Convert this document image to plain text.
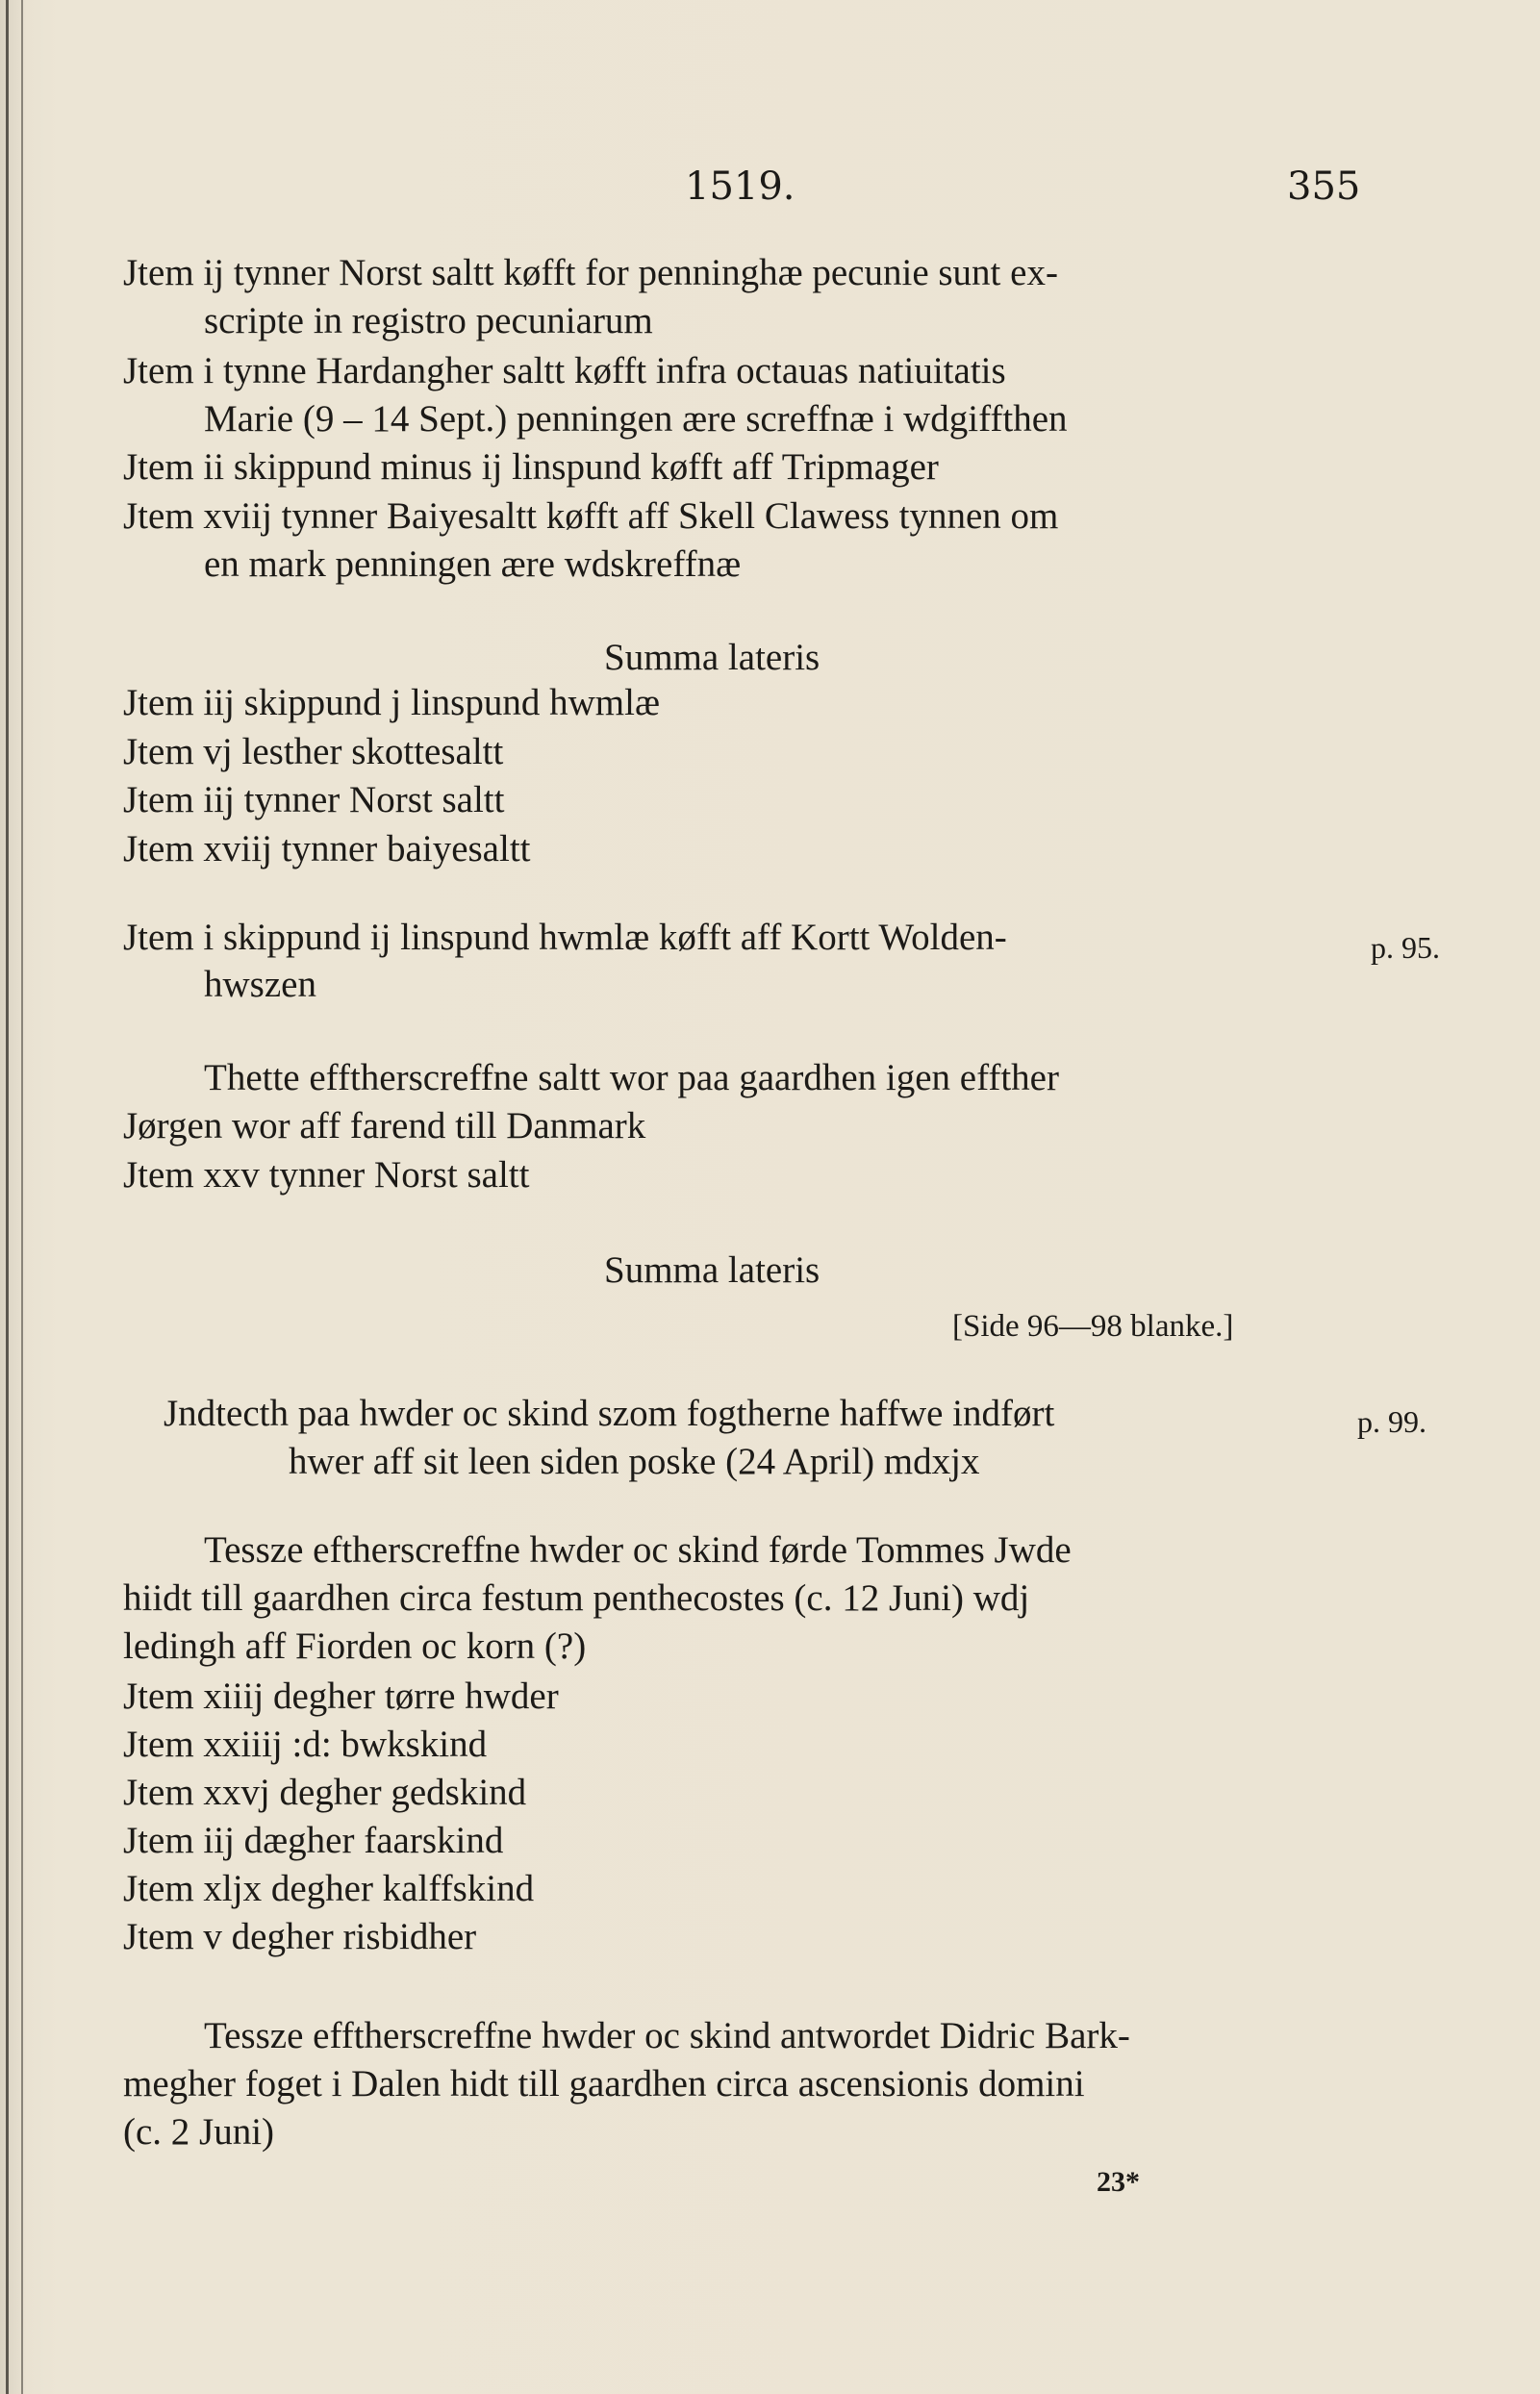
1519.	355
Jtem ij tynner Norst saltt køfft for penninghæ pecunie sunt ex-
scripte in registro pecuniarum
Jtem i tynne Hardangher saltt køfft infra octauas natiuitatis
Marie (9 – 14 Sept.) penningen ære screffnæ i wdgiffthen
Jtem ii skippund minus ij linspund køfft aff Tripmager
Jtem xviij tynner Baiyesaltt køfft aff Skell Clawess tynnen om
en mark penningen ære wdskreffnæ
Summa lateris
Jtem iij skippund j linspund hwmlæ
Jtem vj lesther skottesaltt
Jtem iij tynner Norst saltt
Jtem xviij tynner baiyesaltt
Jtem i skippund ij linspund hwmlæ køfft aff Kortt Wolden-
hwszen
Thette efftherscreffne saltt wor paa gaardhen igen effther
Jørgen wor aff farend till Danmark
Jtem xxv tynner Norst saltt
Summa lateris
Jndtecth paa hwder oc skind szom fogtherne haffwe indført
hwer aff sit leen siden poske (24 April) mdxjx
Tessze eftherscreffne hwder oc skind førde Tommes Jwde
hiidt till gaardhen circa festum penthecostes (c. 12 Juni) wdj
ledingh aff Fiorden oc korn (?)
Jtem xiiij degher tørre hwder
Jtem xxiiij :d: bwkskind
Jtem xxvj degher gedskind
Jtem iij dægher faarskind
Jtem xljx degher kalffskind
Jtem v degher risbidher
Tessze efftherscreffne hwder oc skind antwordet Didric Bark-
megher foget i Dalen hidt till gaardhen circa ascensionis domini
(c. 2 Juni)
p. 95.
p. 99.
[Side 96—98 blanke.]
23*
